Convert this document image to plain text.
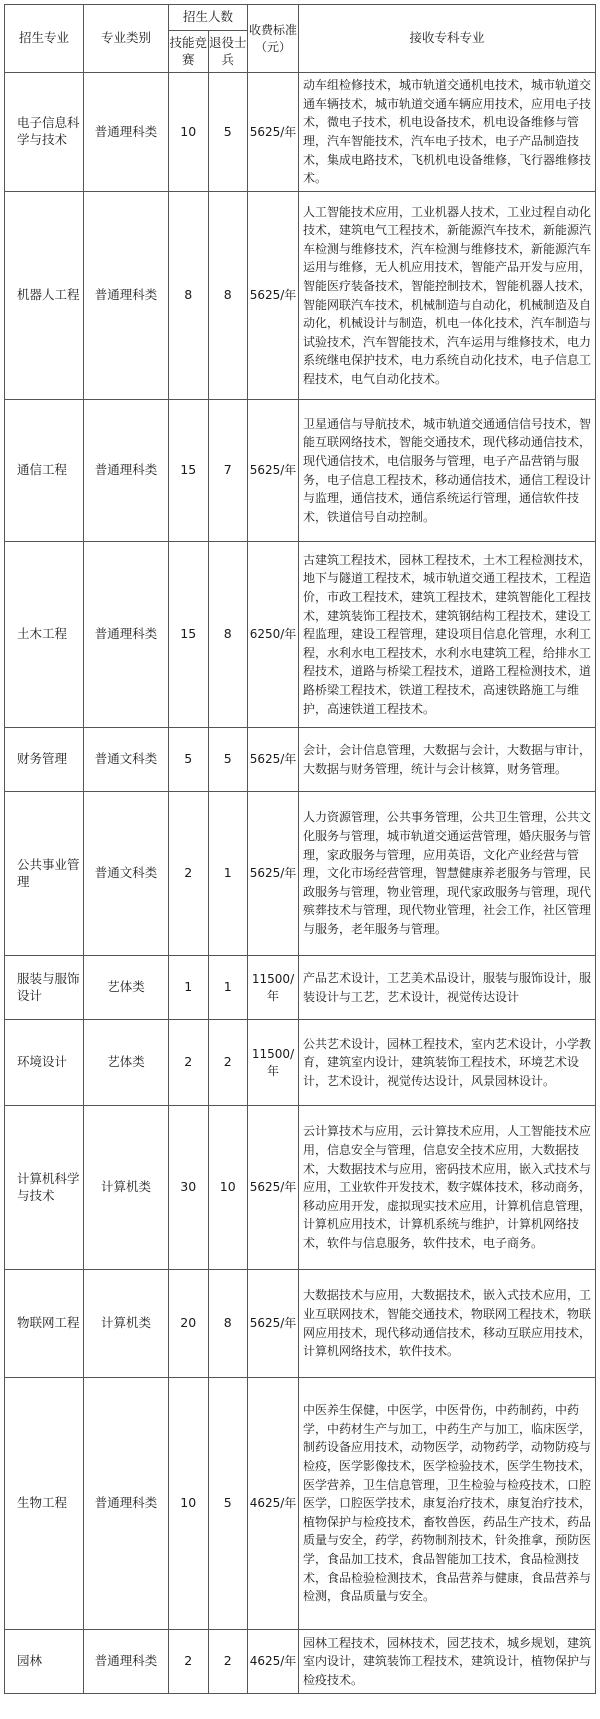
招生专业	专业类别	招生人数		收费标准（元）	接收专科专业
		技能竞赛	退役士兵		
电子信息科学与技术	普通理科类	10	5	5625/年	动车组检修技术，城市轨道交通机电技术，城市轨道交通车辆技术，城市轨道交通车辆应用技术，应用电子技术，微电子技术，机电设备技术，机电设备维修与管理，汽车智能技术，汽车电子技术，电子产品制造技术，集成电路技术，飞机机电设备维修，飞行器维修技术。
机器人工程	普通理科类	8	8	5625/年	人工智能技术应用，工业机器人技术，工业过程自动化技术，建筑电气工程技术，新能源汽车技术，新能源汽车检测与维修技术，汽车检测与维修技术，新能源汽车运用与维修，无人机应用技术，智能产品开发与应用，智能医疗装备技术，智能控制技术，智能机器人技术，智能网联汽车技术，机械制造与自动化，机械制造及自动化，机械设计与制造，机电一体化技术，汽车制造与试验技术，汽车智能技术，汽车运用与维修技术，电力系统继电保护技术，电力系统自动化技术，电子信息工程技术，电气自动化技术。
通信工程	普通理科类	15	7	5625/年	卫星通信与导航技术，城市轨道交通通信信号技术，智能互联网络技术，智能交通技术，现代移动通信技术，现代通信技术，电信服务与管理，电子产品营销与服务，电子信息工程技术，移动通信技术，通信工程设计与监理，通信技术，通信系统运行管理，通信软件技术，铁道信号自动控制。
土木工程	普通理科类	15	8	6250/年	古建筑工程技术，园林工程技术，土木工程检测技术，地下与隧道工程技术，城市轨道交通工程技术，工程造价，市政工程技术，建筑工程技术，建筑智能化工程技术，建筑装饰工程技术，建筑钢结构工程技术，建设工程监理，建设工程管理，建设项目信息化管理，水利工程，水利水电工程技术，水利水电建筑工程，给排水工程技术，道路与桥梁工程技术，道路工程检测技术，道路桥梁工程技术，铁道工程技术，高速铁路施工与维护，高速铁道工程技术。
财务管理	普通文科类	5	5	5625/年	会计，会计信息管理，大数据与会计，大数据与审计，大数据与财务管理，统计与会计核算，财务管理。
公共事业管理	普通文科类	2	1	5625/年	人力资源管理，公共事务管理，公共卫生管理，公共文化服务与管理，城市轨道交通运营管理，婚庆服务与管理，家政服务与管理，应用英语，文化产业经营与管理，文化市场经营管理，智慧健康养老服务与管理，民政服务与管理，物业管理，现代家政服务与管理，现代殡葬技术与管理，现代物业管理，社会工作，社区管理与服务，老年服务与管理。
服装与服饰设计	艺体类	1	1	11500/年	产品艺术设计，工艺美术品设计，服装与服饰设计，服装设计与工艺，艺术设计，视觉传达设计
环境设计	艺体类	2	2	11500/年	公共艺术设计，园林工程技术，室内艺术设计，小学教育，建筑室内设计，建筑装饰工程技术，环境艺术设计，艺术设计，视觉传达设计，风景园林设计。
计算机科学与技术	计算机类	30	10	5625/年	云计算技术与应用，云计算技术应用，人工智能技术应用，信息安全与管理，信息安全技术应用，大数据技术，大数据技术与应用，密码技术应用，嵌入式技术与应用，工业软件开发技术，数字媒体技术，移动商务，移动应用开发，虚拟现实技术应用，计算机信息管理，计算机应用技术，计算机系统与维护，计算机网络技术，软件与信息服务，软件技术，电子商务。
物联网工程	计算机类	20	8	5625/年	大数据技术与应用，大数据技术，嵌入式技术应用，工业互联网技术，智能交通技术，物联网工程技术，物联网应用技术，现代移动通信技术，移动互联应用技术，计算机网络技术，软件技术。
生物工程	普通理科类	10	5	4625/年	中医养生保健，中医学，中医骨伤，中药制药，中药学，中药材生产与加工，中药生产与加工，临床医学，制药设备应用技术，动物医学，动物药学，动物防疫与检疫，医学影像技术，医学检验技术，医学生物技术，医学营养，卫生信息管理，卫生检验与检疫技术，口腔医学，口腔医学技术，康复治疗技术，康复治疗技术，植物保护与检疫技术，畜牧兽医，药品生产技术，药品质量与安全，药学，药物制剂技术，针灸推拿，预防医学，食品加工技术，食品智能加工技术，食品检测技术，食品检验检测技术，食品营养与健康，食品营养与检测，食品质量与安全。
园林	普通理科类	2	2	4625/年	园林工程技术，园林技术，园艺技术，城乡规划，建筑室内设计，建筑装饰工程技术，建筑设计，植物保护与检疫技术。
